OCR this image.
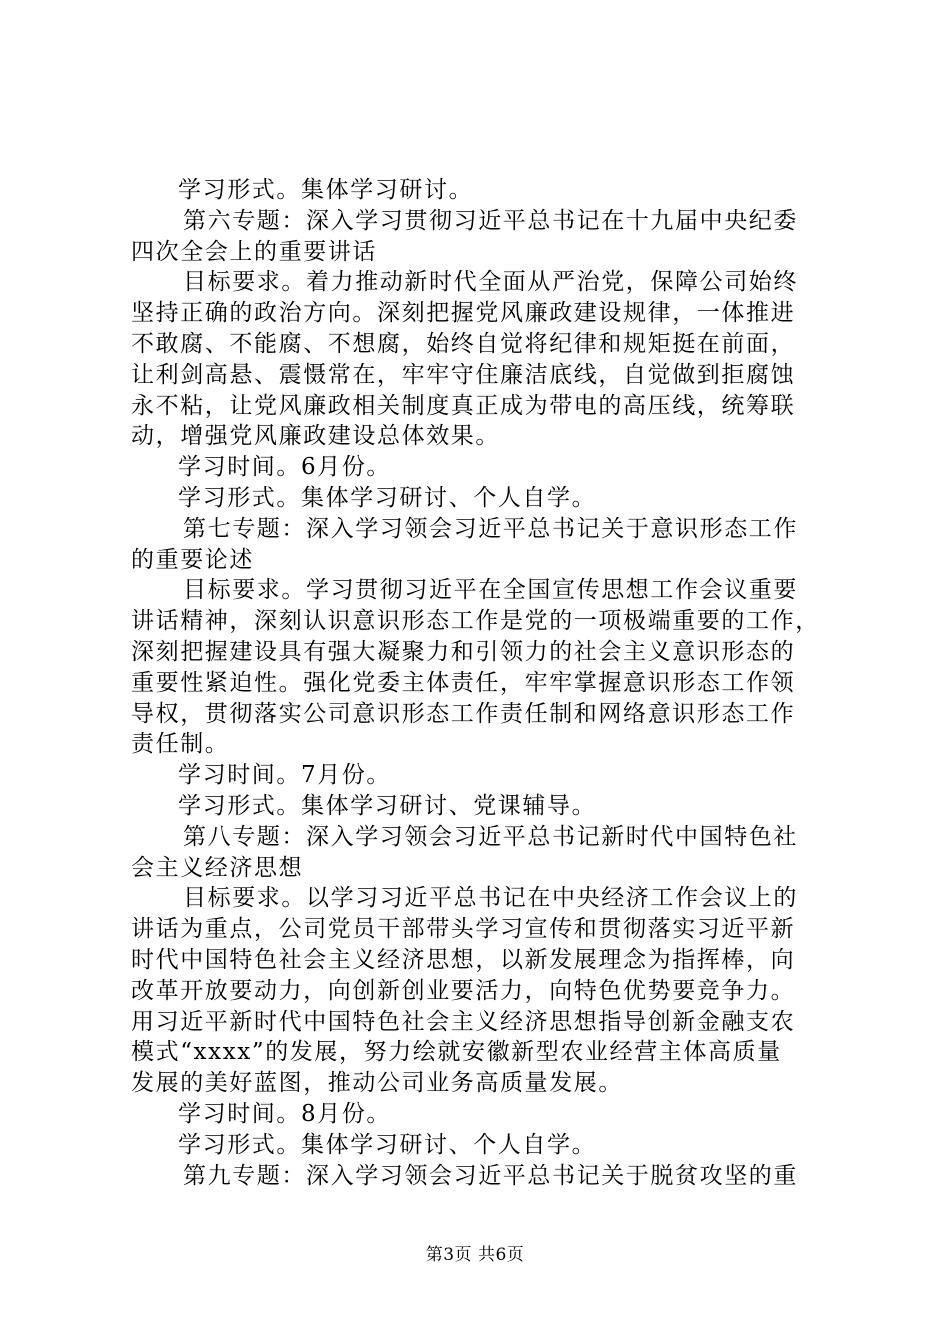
学习形式。集体学习研讨。
第六专题：深入学习贯彻习近平总书记在十九届中央纪委
四次全会上的重要讲话
目标要求。着力推动新时代全面从严治党，保障公司始终
坚持正确的政治方向。深刻把握党风廉政建设规律，一体推进
不敢腐、不能腐、不想腐，始终自觉将纪律和规矩挺在前面，
让利剑高悬、震慑常在，牢牢守住廉洁底线，自觉做到拒腐蚀
永不粘，让党风廉政相关制度真正成为带电的高压线，统筹联
动，增强党风廉政建设总体效果。
学习时间。6月份。
学习形式。集体学习研讨、个人自学。
第七专题：深入学习领会习近平总书记关于意识形态工作
的重要论述
目标要求。学习贯彻习近平在全国宣传思想工作会议重要
讲话精神，深刻认识意识形态工作是党的一项极端重要的工作，
深刻把握建设具有强大凝聚力和引领力的社会主义意识形态的
重要性紧迫性。强化党委主体责任，牢牢掌握意识形态工作领
导权，贯彻落实公司意识形态工作责任制和网络意识形态工作
责任制。
学习时间。7月份。
学习形式。集体学习研讨、党课辅导。
第八专题：深入学习领会习近平总书记新时代中国特色社
会主义经济思想
目标要求。以学习习近平总书记在中央经济工作会议上的
讲话为重点，公司党员干部带头学习宣传和贯彻落实习近平新
时代中国特色社会主义经济思想，以新发展理念为指挥棒，向
改革开放要动力，向创新创业要活力，向特色优势要竞争力。
用习近平新时代中国特色社会主义经济思想指导创新金融支农
模式“xxxx”的发展，努力绘就安徽新型农业经营主体高质量
发展的美好蓝图，推动公司业务高质量发展。
学习时间。8月份。
学习形式。集体学习研讨、个人自学。
第九专题：深入学习领会习近平总书记关于脱贫攻坚的重
第3页 共6页
